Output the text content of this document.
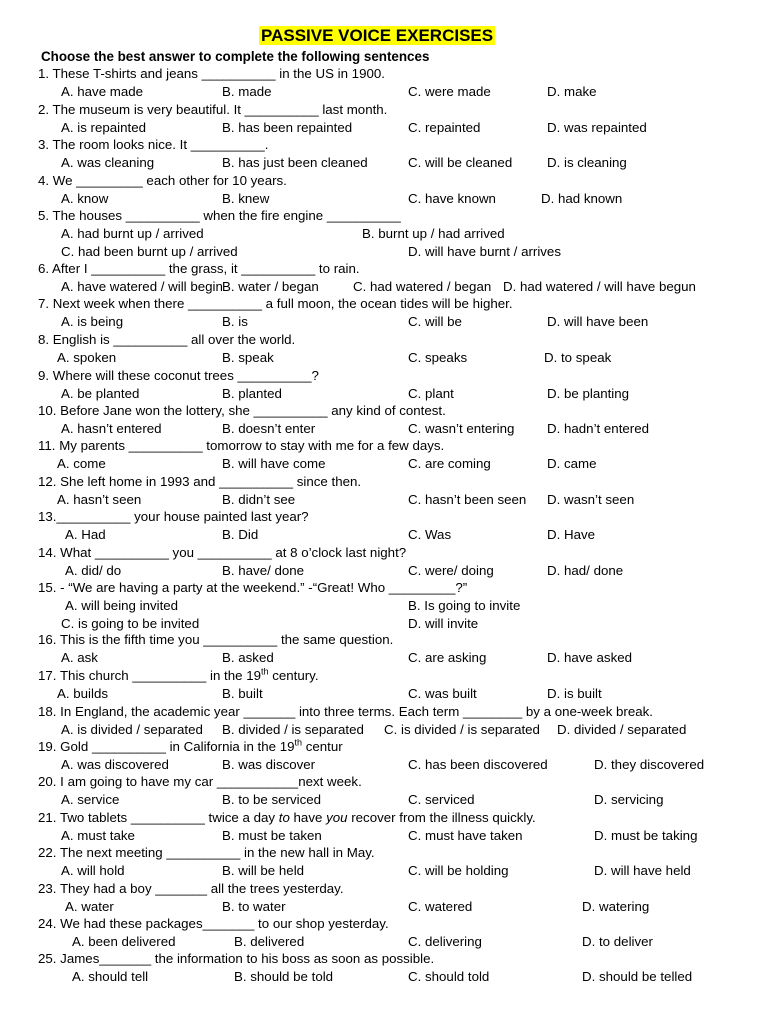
PASSIVE VOICE EXERCISES
Choose the best answer to complete the following sentences
1. These T-shirts and jeans __________ in the US in 1900.
A. have made	B. made	C. were made	D. make
2. The museum is very beautiful. It __________ last month.
A. is repainted	B. has been repainted	C. repainted	D. was repainted
3. The room looks nice. It __________.
A. was cleaning	B. has just been cleaned	C. will be cleaned	D. is cleaning
4. We _________ each other for 10 years.
A. know	B. knew	C. have known	D. had known
5. The houses __________ when the fire engine __________
A. had burnt up / arrived	B. burnt up / had arrived
C. had been burnt up / arrived	D. will have burnt / arrives
6. After I __________ the grass, it __________ to rain.
A. have watered / will begin B. water / began	C. had watered / began D. had watered / will have begun
7. Next week when there __________ a full moon, the ocean tides will be higher.
A. is being	B. is	C. will be	D. will have been
8. English is __________ all over the world.
A. spoken	B. speak	C. speaks	D. to speak
9. Where will these coconut trees __________?
A. be planted	B. planted	C. plant	D. be planting
10. Before Jane won the lottery, she __________ any kind of contest.
A. hasn’t entered	B. doesn’t enter	C. wasn’t entering D. hadn’t entered
11. My parents __________ tomorrow to stay with me for a few days.
A. come	B. will have come	C. are coming	D. came
12. She left home in 1993 and __________ since then.
A. hasn’t seen	B. didn’t see	C. hasn’t been seen D. wasn’t seen
13.__________ your house painted last year?
A. Had	B. Did	C. Was	D. Have
14. What __________ you __________ at 8 o’clock last night?
A. did/ do	B. have/ done	C. were/ doing	D. had/ done
15. - “We are having a party at the weekend.” -“Great! Who _________?”
A. will being invited	B. Is going to invite
C. is going to be invited	D. will invite
16. This is the fifth time you __________ the same question.
A. ask	B. asked	C. are asking	D. have asked
17. This church __________ in the 19th century.
A. builds	B. built	C. was built	D. is built
18. In England, the academic year _______ into three terms. Each term ________ by a one-week break.
A. is divided / separated B. divided / is separated C. is divided / is separated D. divided / separated
19. Gold __________ in California in the 19th centur
A. was discovered	B. was discover	C. has been discovered	D. they discovered
20. I am going to have my car ___________next week.
A. service	B. to be serviced	C. serviced	D. servicing
21. Two tablets __________ twice a day to have you recover from the illness quickly.
A. must take	B. must be taken	C. must have taken	D. must be taking
22. The next meeting __________ in the new hall in May.
A. will hold	B. will be held	C. will be holding	D. will have held
23. They had a boy _______ all the trees yesterday.
A. water	B. to water	C. watered	D. watering
24. We had these packages_______ to our shop yesterday.
A. been delivered	B. delivered	C. delivering	D. to deliver
25. James_______ the information to his boss as soon as possible.
A. should tell	B. should be told	C. should told	D. should be telled
